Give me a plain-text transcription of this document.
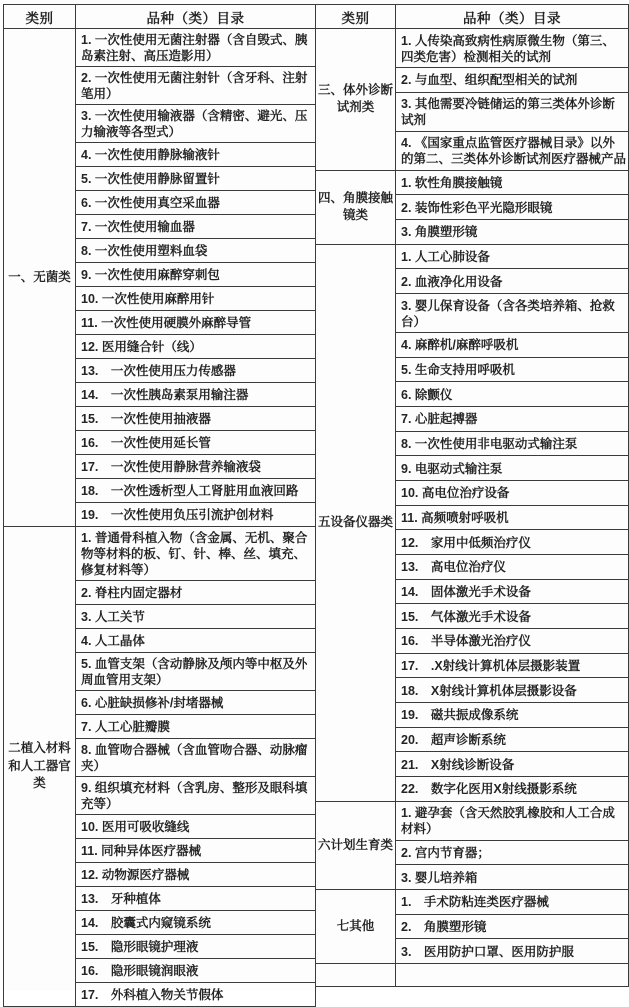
类别	品种（类）目录
一、无菌类	1. 一次性使用无菌注射器（含自毁式、胰岛素注射、高压造影用）
	2. 一次性使用无菌注射针（含牙科、注射笔用）
	3. 一次性使用输液器（含精密、避光、压力输液等各型式）
	4. 一次性使用静脉输液针
	5. 一次性使用静脉留置针
	6. 一次性使用真空采血器
	7. 一次性使用输血器
	8. 一次性使用塑料血袋
	9. 一次性使用麻醉穿刺包
	10. 一次性使用麻醉用针
	11. 一次性使用硬膜外麻醉导管
	12. 医用缝合针（线）
	13.　一次性使用压力传感器
	14.　一次性胰岛素泵用输注器
	15.　一次性使用抽液器
	16.　一次性使用延长管
	17.　一次性使用静脉营养输液袋
	18.　一次性透析型人工肾脏用血液回路
	19.　一次性使用负压引流护创材料
二植入材料和人工器官类	1. 普通骨科植入物（含金属、无机、聚合物等材料的板、钉、针、棒、丝、填充、修复材料等）
	2. 脊柱内固定器材
	3. 人工关节
	4. 人工晶体
	5. 血管支架（含动静脉及颅内等中枢及外周血管用支架）
	6. 心脏缺损修补/封堵器械
	7. 人工心脏瓣膜
	8. 血管吻合器械（含血管吻合器、动脉瘤夹）
	9. 组织填充材料（含乳房、整形及眼科填充等）
	10. 医用可吸收缝线
	11. 同种异体医疗器械
	12. 动物源医疗器械
	13.　牙种植体
	14.　胶囊式内窥镜系统
	15.　隐形眼镜护理液
	16.　隐形眼镜润眼液
	17.　外科植入物关节假体
类别	品种（类）目录
三、体外诊断试剂类	1. 人传染高致病性病原微生物（第三、四类危害）检测相关的试剂
	2. 与血型、组织配型相关的试剂
	3. 其他需要冷链储运的第三类体外诊断试剂
	4. 《国家重点监管医疗器械目录》以外的第二、三类体外诊断试剂医疗器械产品
四、角膜接触镜类	1. 软性角膜接触镜
	2. 装饰性彩色平光隐形眼镜
	3. 角膜塑形镜
五设备仪器类	1. 人工心肺设备
	2. 血液净化用设备
	3. 婴儿保育设备（含各类培养箱、抢救台）
	4. 麻醉机/麻醉呼吸机
	5. 生命支持用呼吸机
	6. 除颤仪
	7. 心脏起搏器
	8. 一次性使用非电驱动式输注泵
	9. 电驱动式输注泵
	10. 高电位治疗设备
	11. 高频喷射呼吸机
	12.　家用中低频治疗仪
	13.　高电位治疗仪
	14.　固体激光手术设备
	15.　气体激光手术设备
	16.　半导体激光治疗仪
	17.　.X射线计算机体层摄影装置
	18.　X射线计算机体层摄影设备
	19.　磁共振成像系统
	20.　超声诊断系统
	21.　X射线诊断设备
	22.　数字化医用X射线摄影系统
六计划生育类	1. 避孕套（含天然胶乳橡胶和人工合成材料）
	2. 宫内节育器；
	3. 婴儿培养箱
七其他	1.　手术防粘连类医疗器械
	2.　角膜塑形镜
	3.　医用防护口罩、医用防护服
